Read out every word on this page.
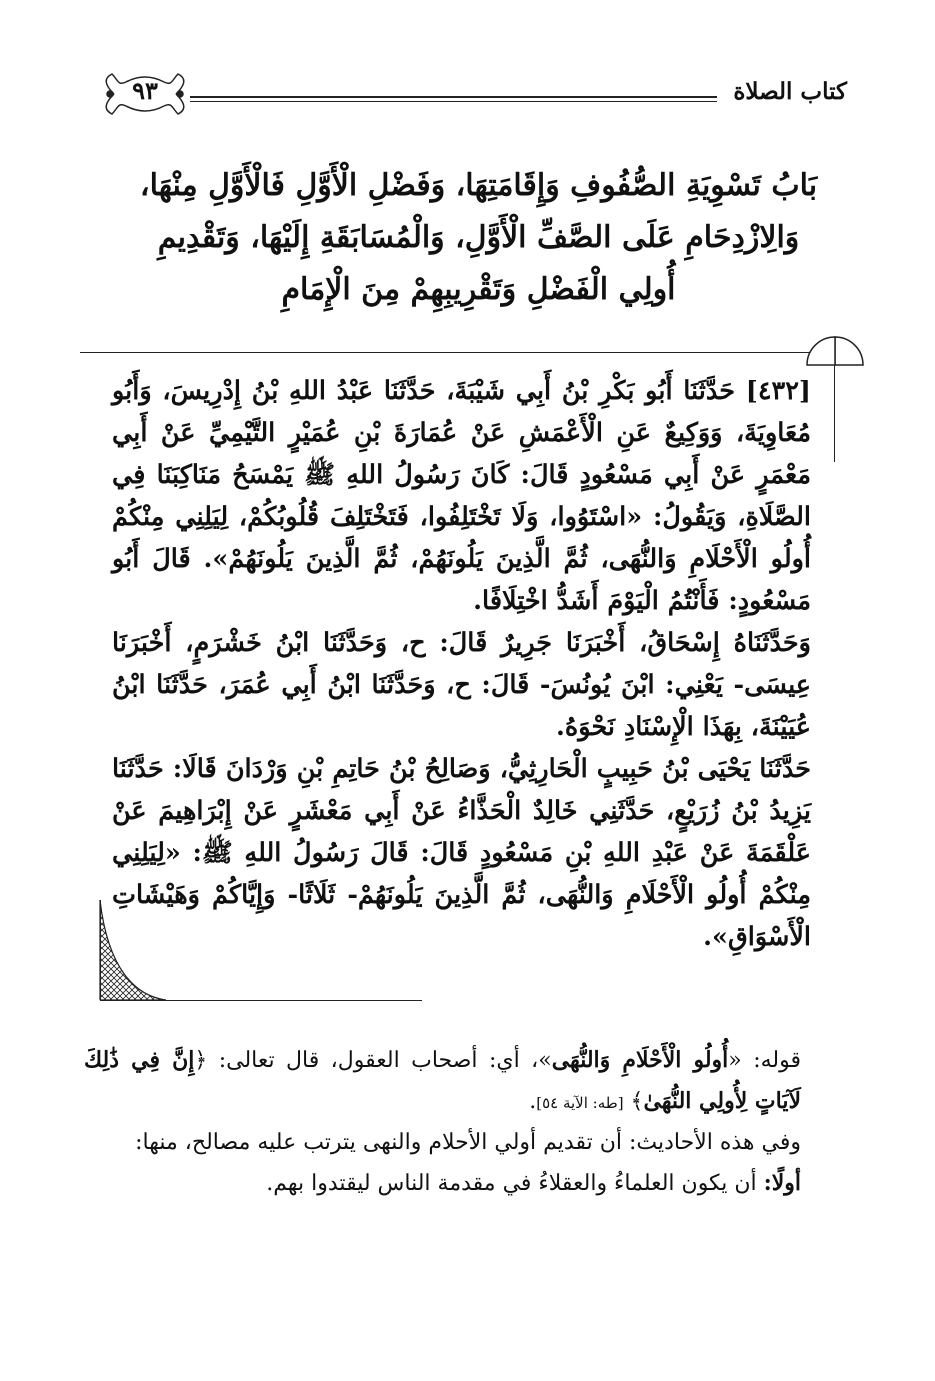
كتاب الصلاة
٩٣
بَابُ تَسْوِيَةِ الصُّفُوفِ وَإِقَامَتِهَا، وَفَضْلِ الْأَوَّلِ فَالْأَوَّلِ مِنْهَا،
وَالِازْدِحَامِ عَلَى الصَّفِّ الْأَوَّلِ، وَالْمُسَابَقَةِ إِلَيْهَا، وَتَقْدِيمِ
أُولِي الْفَضْلِ وَتَقْرِيبِهِمْ مِنَ الْإِمَامِ

[٤٣٢] حَدَّثَنَا أَبُو بَكْرِ بْنُ أَبِي شَيْبَةَ، حَدَّثَنَا عَبْدُ اللهِ بْنُ إِدْرِيسَ، وَأَبُو مُعَاوِيَةَ، وَوَكِيعٌ عَنِ الْأَعْمَشِ عَنْ عُمَارَةَ بْنِ عُمَيْرٍ التَّيْمِيِّ عَنْ أَبِي مَعْمَرٍ عَنْ أَبِي مَسْعُودٍ قَالَ: كَانَ رَسُولُ اللهِ ﷺ يَمْسَحُ مَنَاكِبَنَا فِي الصَّلَاةِ، وَيَقُولُ: «اسْتَوُوا، وَلَا تَخْتَلِفُوا، فَتَخْتَلِفَ قُلُوبُكُمْ، لِيَلِنِي مِنْكُمْ أُولُو الْأَحْلَامِ وَالنُّهَى، ثُمَّ الَّذِينَ يَلُونَهُمْ، ثُمَّ الَّذِينَ يَلُونَهُمْ». قَالَ أَبُو مَسْعُودٍ: فَأَنْتُمُ الْيَوْمَ أَشَدُّ اخْتِلَافًا.

وَحَدَّثَنَاهُ إِسْحَاقُ، أَخْبَرَنَا جَرِيرٌ قَالَ: ح، وَحَدَّثَنَا ابْنُ خَشْرَمٍ، أَخْبَرَنَا عِيسَى- يَعْنِي: ابْنَ يُونُسَ- قَالَ: ح، وَحَدَّثَنَا ابْنُ أَبِي عُمَرَ، حَدَّثَنَا ابْنُ عُيَيْنَةَ، بِهَذَا الْإِسْنَادِ نَحْوَهُ.

حَدَّثَنَا يَحْيَى بْنُ حَبِيبٍ الْحَارِثِيُّ، وَصَالِحُ بْنُ حَاتِمِ بْنِ وَرْدَانَ قَالَا: حَدَّثَنَا يَزِيدُ بْنُ زُرَيْعٍ، حَدَّثَنِي خَالِدٌ الْحَذَّاءُ عَنْ أَبِي مَعْشَرٍ عَنْ إِبْرَاهِيمَ عَنْ عَلْقَمَةَ عَنْ عَبْدِ اللهِ بْنِ مَسْعُودٍ قَالَ: قَالَ رَسُولُ اللهِ ﷺ: «لِيَلِنِي مِنْكُمْ أُولُو الْأَحْلَامِ وَالنُّهَى، ثُمَّ الَّذِينَ يَلُونَهُمْ- ثَلَاثًا- وَإِيَّاكُمْ وَهَيْشَاتِ الْأَسْوَاقِ».

قوله: «أُولُو الْأَحْلَامِ وَالنُّهَى»، أي: أصحاب العقول، قال تعالى: ﴿إِنَّ فِي ذَٰلِكَ لَآيَاتٍ لِأُولِي النُّهَىٰ﴾ [طه: الآية ٥٤].

وفي هذه الأحاديث: أن تقديم أولي الأحلام والنهى يترتب عليه مصالح، منها:

أولًا: أن يكون العلماءُ والعقلاءُ في مقدمة الناس ليقتدوا بهم.
